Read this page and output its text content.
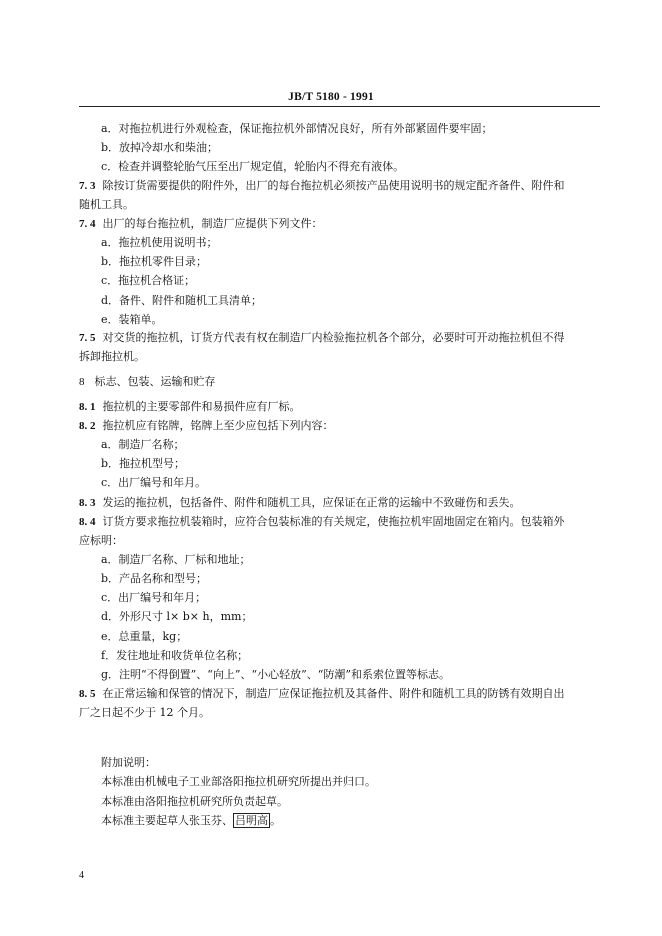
JB/T 5180 - 1991
a．对拖拉机进行外观检查，保证拖拉机外部情况良好，所有外部紧固件要牢固；
b．放掉冷却水和柴油；
c．检查并调整轮胎气压至出厂规定值，轮胎内不得充有液体。
7. 3 除按订货需要提供的附件外，出厂的每台拖拉机必须按产品使用说明书的规定配齐备件、附件和
随机工具。
7. 4 出厂的每台拖拉机，制造厂应提供下列文件：
a．拖拉机使用说明书；
b．拖拉机零件目录；
c．拖拉机合格证；
d．备件、附件和随机工具清单；
e．装箱单。
7. 5 对交货的拖拉机，订货方代表有权在制造厂内检验拖拉机各个部分，必要时可开动拖拉机但不得
拆卸拖拉机。
8 标志、包装、运输和贮存
8. 1 拖拉机的主要零部件和易损件应有厂标。
8. 2 拖拉机应有铭牌，铭牌上至少应包括下列内容：
a．制造厂名称；
b．拖拉机型号；
c．出厂编号和年月。
8. 3 发运的拖拉机，包括备件、附件和随机工具，应保证在正常的运输中不致碰伤和丢失。
8. 4 订货方要求拖拉机装箱时，应符合包装标准的有关规定，使拖拉机牢固地固定在箱内。包装箱外
应标明：
a．制造厂名称、厂标和地址；
b．产品名称和型号；
c．出厂编号和年月；
d．外形尺寸 l× b× h，mm；
e．总重量，kg；
f．发往地址和收货单位名称；
g．注明“不得倒置”、“向上”、“小心轻放”、“防潮”和系索位置等标志。
8. 5 在正常运输和保管的情况下，制造厂应保证拖拉机及其备件、附件和随机工具的防锈有效期自出
厂之日起不少于 12 个月。
附加说明：
本标准由机械电子工业部洛阳拖拉机研究所提出并归口。
本标准由洛阳拖拉机研究所负责起草。
本标准主要起草人张玉芬、 吕明高 。
4
